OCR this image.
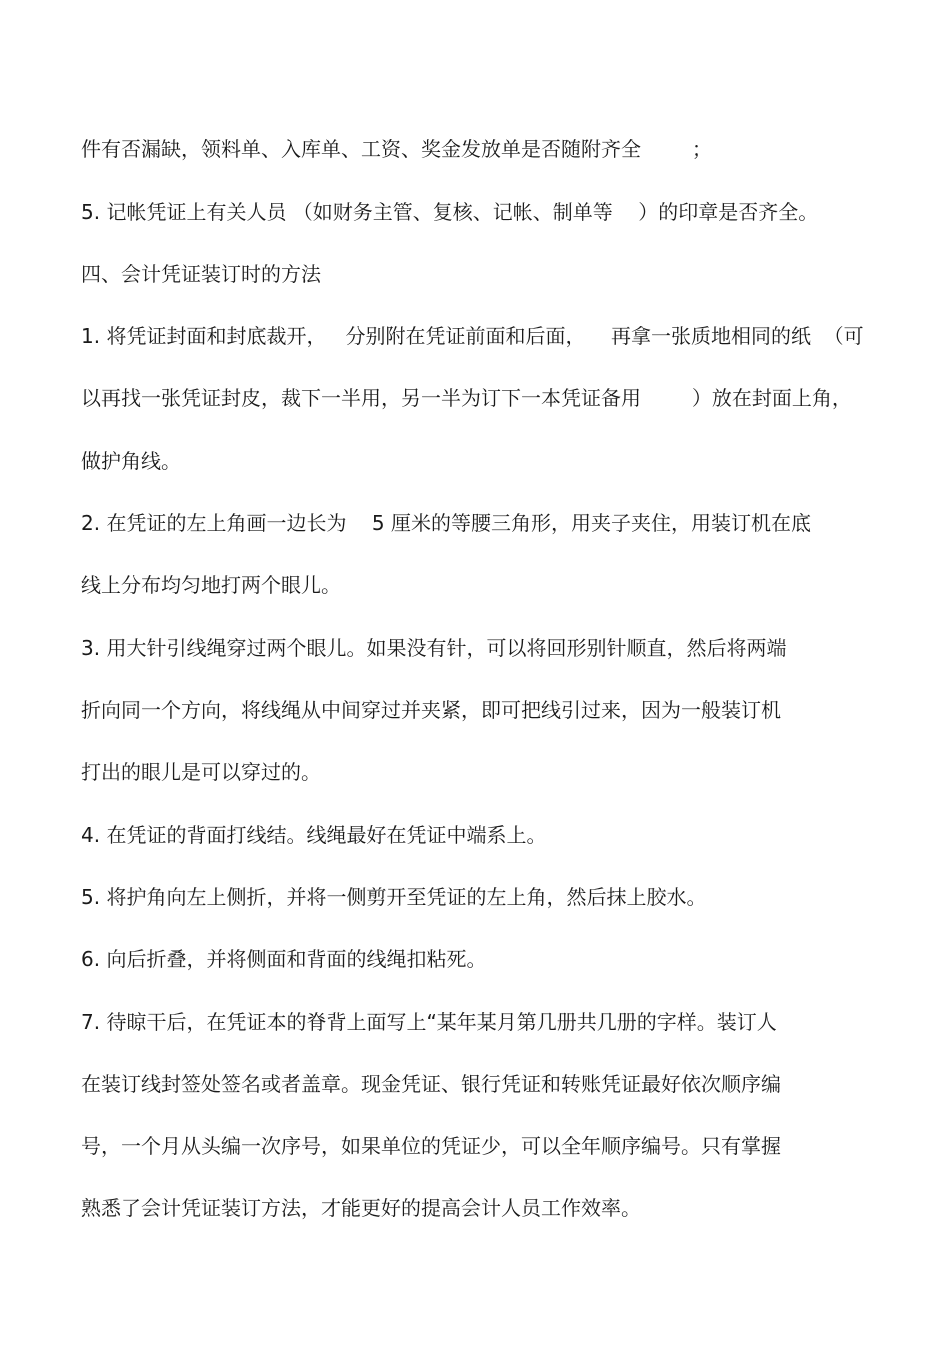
件有否漏缺，领料单、入库单、工资、奖金发放单是否随附齐全        ；
5. 记帐凭证上有关人员 （如财务主管、复核、记帐、制单等    ）的印章是否齐全。
四、会计凭证装订时的方法
1. 将凭证封面和封底裁开，   分别附在凭证前面和后面，    再拿一张质地相同的纸  （可
以再找一张凭证封皮，裁下一半用，另一半为订下一本凭证备用        ）放在封面上角，
做护角线。
2. 在凭证的左上角画一边长为    5 厘米的等腰三角形，用夹子夹住，用装订机在底
线上分布均匀地打两个眼儿。
3. 用大针引线绳穿过两个眼儿。如果没有针，可以将回形别针顺直，然后将两端
折向同一个方向，将线绳从中间穿过并夹紧，即可把线引过来，因为一般装订机
打出的眼儿是可以穿过的。
4. 在凭证的背面打线结。线绳最好在凭证中端系上。
5. 将护角向左上侧折，并将一侧剪开至凭证的左上角，然后抹上胶水。
6. 向后折叠，并将侧面和背面的线绳扣粘死。
7. 待晾干后，在凭证本的脊背上面写上“某年某月第几册共几册的字样。装订人
在装订线封签处签名或者盖章。现金凭证、银行凭证和转账凭证最好依次顺序编
号，一个月从头编一次序号，如果单位的凭证少，可以全年顺序编号。只有掌握
熟悉了会计凭证装订方法，才能更好的提高会计人员工作效率。
